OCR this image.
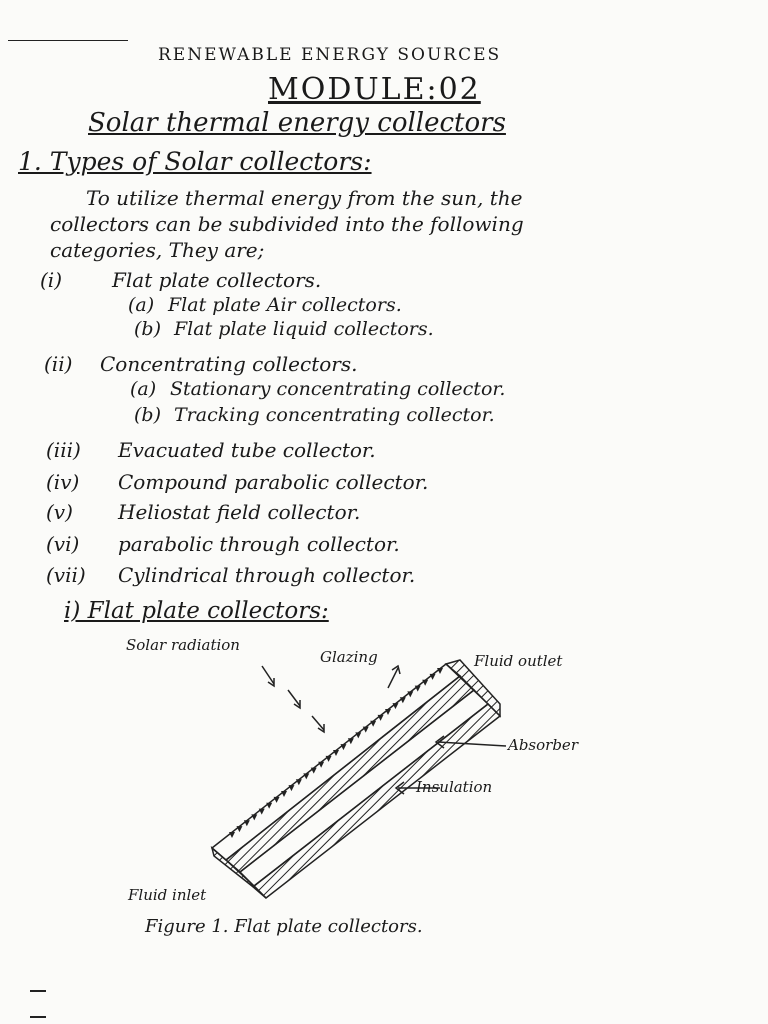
RENEWABLE ENERGY SOURCES
MODULE:02
Solar thermal energy collectors
1. Types of Solar collectors:
To utilize thermal energy from the sun, the
collectors can be subdivided into the following
categories, They are;
(i) Flat plate collectors.
(a) Flat plate Air collectors.
(b) Flat plate liquid collectors.
(ii) Concentrating collectors.
(a) Stationary concentrating collector.
(b) Tracking concentrating collector.
(iii) Evacuated tube collector.
(iv) Compound parabolic collector.
(v) Heliostat field collector.
(vi) parabolic through collector.
(vii) Cylindrical through collector.
i) Flat plate collectors:
Solar radiation
Glazing	Fluid outlet
Absorber
Insulation
Fluid inlet
Figure 1. Flat plate collectors.
